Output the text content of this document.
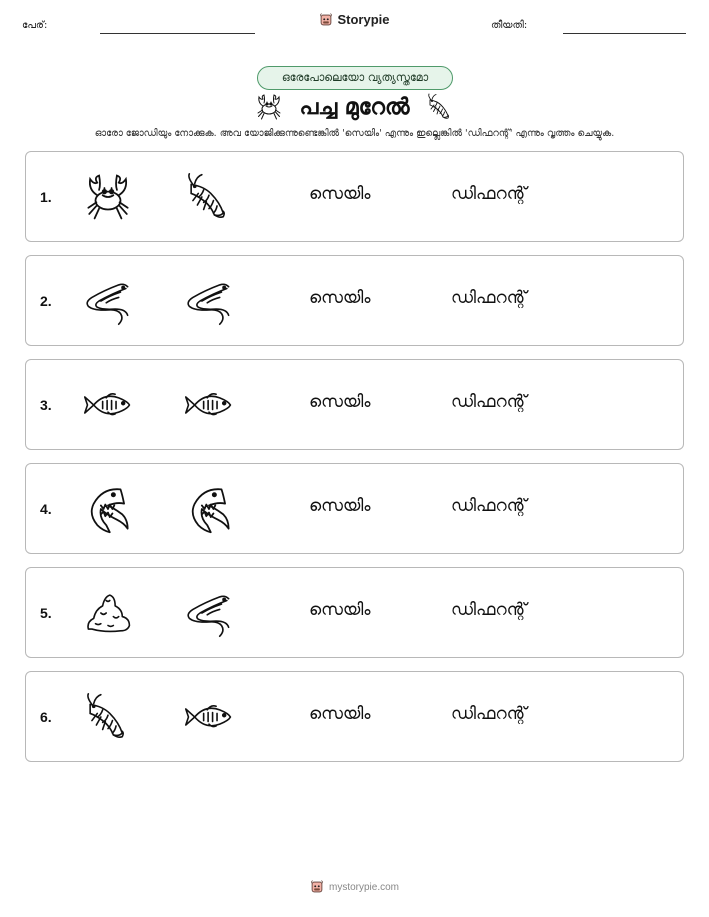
പേര്:	Storypie	തീയതി:
ഒരേപോലെയോ വ്യത്യസ്തമോ
പച്ച മുറേൽ
ഓരോ ജോഡിയും നോക്കുക. അവ യോജിക്കുന്നുണ്ടെങ്കിൽ 'സെയിം' എന്നും ഇല്ലെങ്കിൽ 'ഡിഫറന്റ്' എന്നും വൃത്തം ചെയ്യുക.
1.	സെയിം	ഡിഫറന്റ്
2.	സെയിം	ഡിഫറന്റ്
3.	സെയിം	ഡിഫറന്റ്
4.	സെയിം	ഡിഫറന്റ്
5.	സെയിം	ഡിഫറന്റ്
6.	സെയിം	ഡിഫറന്റ്
mystorypie.com
